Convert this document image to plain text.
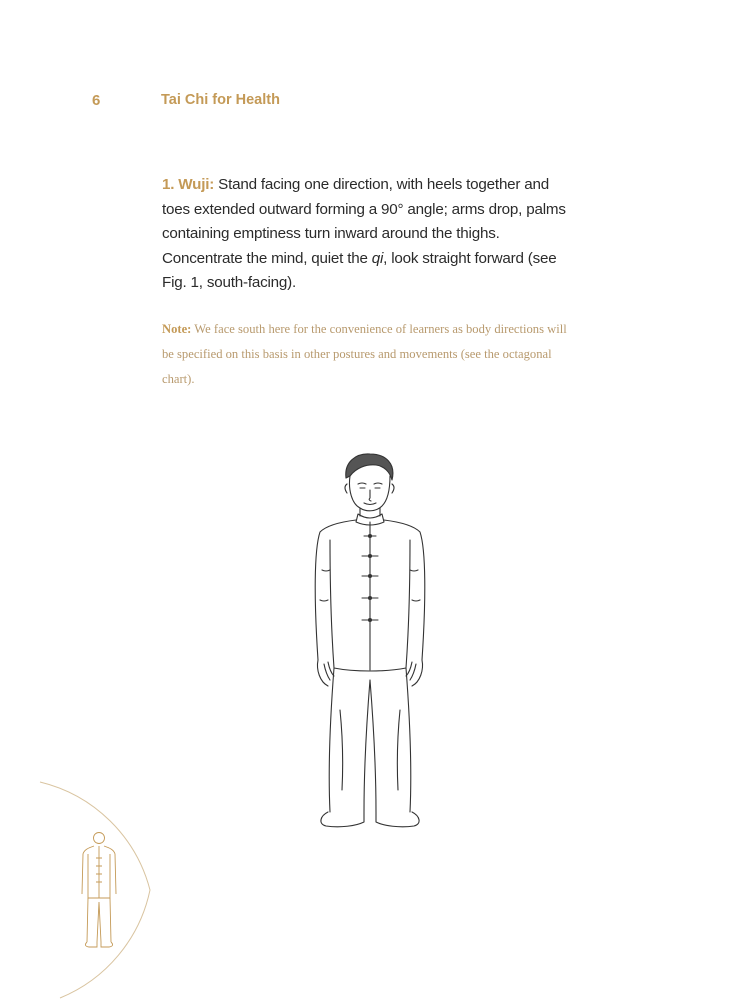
6	Tai Chi for Health

1. Wuji: Stand facing one direction, with heels together and toes extended outward forming a 90° angle; arms drop, palms containing emptiness turn inward around the thighs. Concentrate the mind, quiet the qi, look straight forward (see Fig. 1, south-facing).

Note: We face south here for the convenience of learners as body directions will be specified on this basis in other postures and movements (see the octagonal chart).
